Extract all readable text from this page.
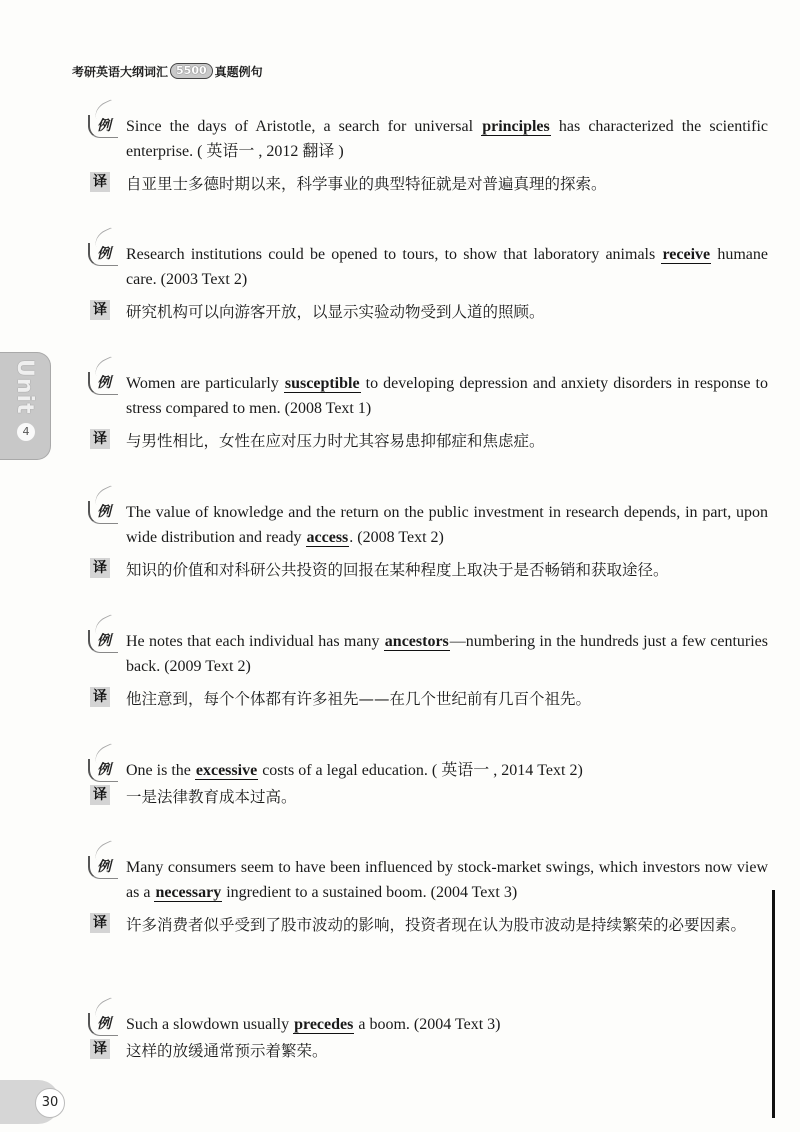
考研英语大纲词汇 5500 真题例句
Unit
4
例 Since the days of Aristotle, a search for universal principles has characterized the scientific enterprise. ( 英语一 , 2012 翻译 )
译 自亚里士多德时期以来，科学事业的典型特征就是对普遍真理的探索。
例 Research institutions could be opened to tours, to show that laboratory animals receive humane care. (2003 Text 2)
译 研究机构可以向游客开放，以显示实验动物受到人道的照顾。
例 Women are particularly susceptible to developing depression and anxiety disorders in response to stress compared to men. (2008 Text 1)
译 与男性相比，女性在应对压力时尤其容易患抑郁症和焦虑症。
例 The value of knowledge and the return on the public investment in research depends, in part, upon wide distribution and ready access. (2008 Text 2)
译 知识的价值和对科研公共投资的回报在某种程度上取决于是否畅销和获取途径。
例 He notes that each individual has many ancestors—numbering in the hundreds just a few centuries back. (2009 Text 2)
译 他注意到，每个个体都有许多祖先——在几个世纪前有几百个祖先。
例 One is the excessive costs of a legal education. ( 英语一 , 2014 Text 2)
译 一是法律教育成本过高。
例 Many consumers seem to have been influenced by stock-market swings, which investors now view as a necessary ingredient to a sustained boom. (2004 Text 3)
译 许多消费者似乎受到了股市波动的影响，投资者现在认为股市波动是持续繁荣的必要因素。
例 Such a slowdown usually precedes a boom. (2004 Text 3)
译 这样的放缓通常预示着繁荣。
30
